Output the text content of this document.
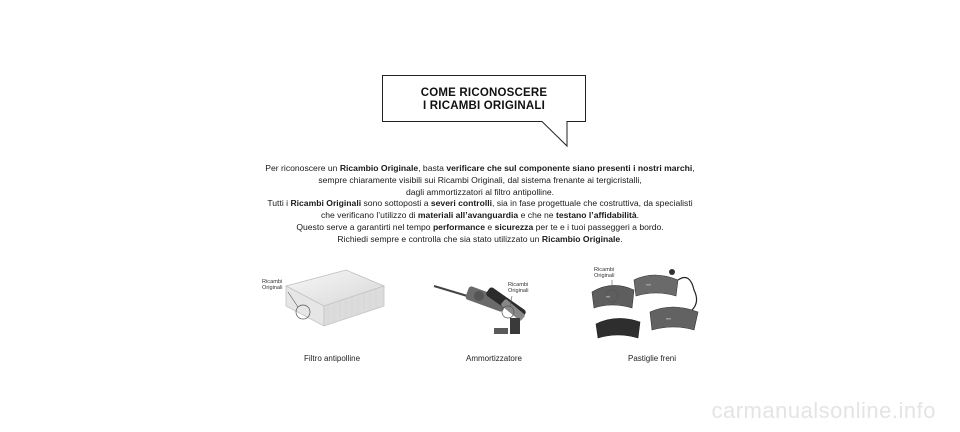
COME RICONOSCERE
I RICAMBI ORIGINALI

Per riconoscere un Ricambio Originale, basta verificare che sul componente siano presenti i nostri marchi,

sempre chiaramente visibili sui Ricambi Originali, dal sistema frenante ai tergicristalli,

dagli ammortizzatori al filtro antipolline.

Tutti i Ricambi Originali sono sottoposti a severi controlli, sia in fase progettuale che costruttiva, da specialisti

che verificano l’utilizzo di materiali all’avanguardia e che ne testano l’affidabilità.

Questo serve a garantirti nel tempo performance e sicurezza per te e i tuoi passeggeri a bordo.

Richiedi sempre e controlla che sia stato utilizzato un Ricambio Originale.

Ricambi
Originali
Filtro antipolline
Ricambi
Originali
Ammortizzatore
Ricambi
Originali
Pastiglie freni
carmanualsonline.info
